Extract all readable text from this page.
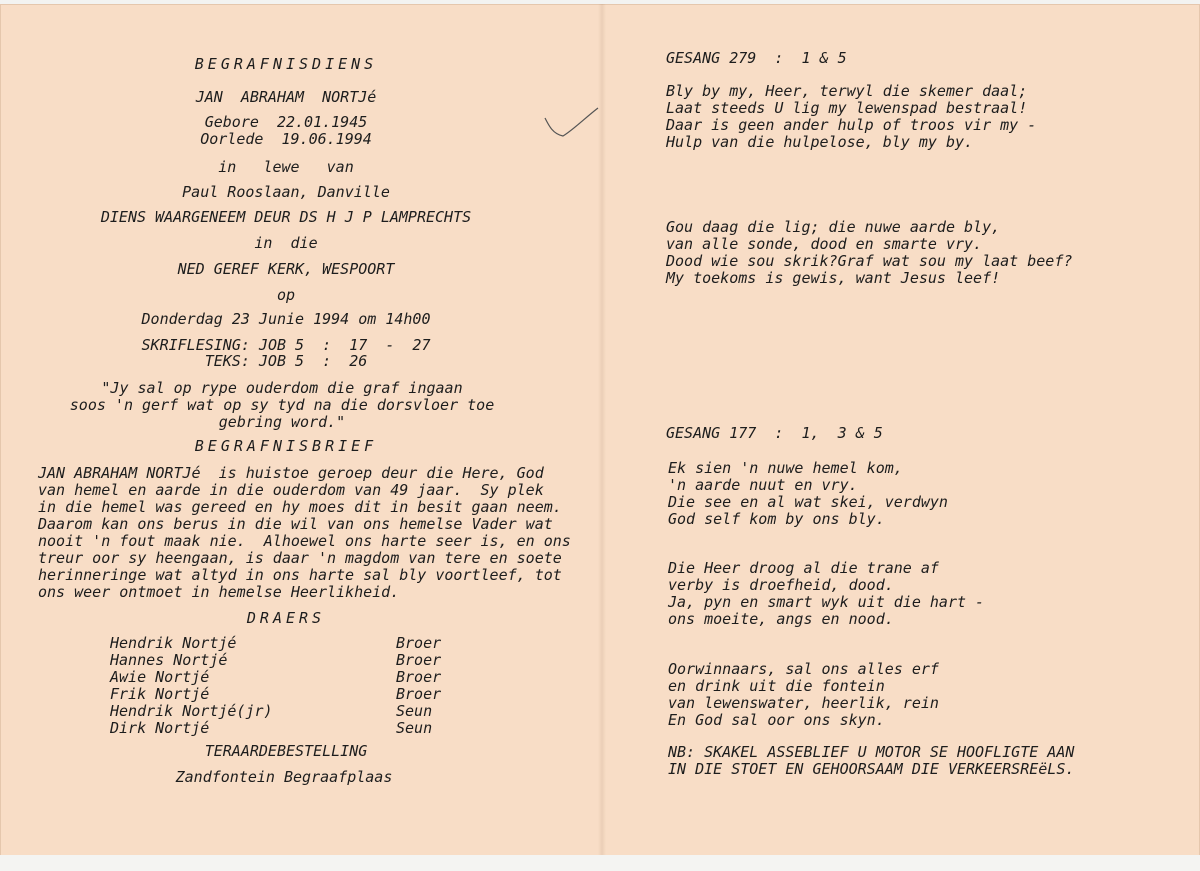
BEGRAFNISDIENS
JAN  ABRAHAM  NORTJé
Gebore  22.01.1945
Oorlede  19.06.1994
in   lewe   van
Paul Rooslaan, Danville
DIENS WAARGENEEM DEUR DS H J P LAMPRECHTS
in  die
NED GEREF KERK, WESPOORT
op
Donderdag 23 Junie 1994 om 14h00
SKRIFLESING: JOB 5  :  17  -  27
TEKS: JOB 5  :  26
"Jy sal op rype ouderdom die graf ingaan
soos 'n gerf wat op sy tyd na die dorsvloer toe
gebring word."
BEGRAFNISBRIEF
JAN ABRAHAM NORTJé  is huistoe geroep deur die Here, God
van hemel en aarde in die ouderdom van 49 jaar.  Sy plek
in die hemel was gereed en hy moes dit in besit gaan neem.
Daarom kan ons berus in die wil van ons hemelse Vader wat
nooit 'n fout maak nie.  Alhoewel ons harte seer is, en ons
treur oor sy heengaan, is daar 'n magdom van tere en soete
herinneringe wat altyd in ons harte sal bly voortleef, tot
ons weer ontmoet in hemelse Heerlikheid.
DRAERS
Hendrik Nortjé	Broer
Hannes Nortjé	Broer
Awie Nortjé	Broer
Frik Nortjé	Broer
Hendrik Nortjé(jr)	Seun
Dirk Nortjé	Seun
TERAARDEBESTELLING
Zandfontein Begraafplaas
GESANG 279  :  1 & 5
Bly by my, Heer, terwyl die skemer daal;
Laat steeds U lig my lewenspad bestraal!
Daar is geen ander hulp of troos vir my -
Hulp van die hulpelose, bly my by.
Gou daag die lig; die nuwe aarde bly,
van alle sonde, dood en smarte vry.
Dood wie sou skrik?Graf wat sou my laat beef?
My toekoms is gewis, want Jesus leef!
GESANG 177  :  1,  3 & 5
Ek sien 'n nuwe hemel kom,
'n aarde nuut en vry.
Die see en al wat skei, verdwyn
God self kom by ons bly.
Die Heer droog al die trane af
verby is droefheid, dood.
Ja, pyn en smart wyk uit die hart -
ons moeite, angs en nood.
Oorwinnaars, sal ons alles erf
en drink uit die fontein
van lewenswater, heerlik, rein
En God sal oor ons skyn.
NB: SKAKEL ASSEBLIEF U MOTOR SE HOOFLIGTE AAN
IN DIE STOET EN GEHOORSAAM DIE VERKEERSREëLS.
